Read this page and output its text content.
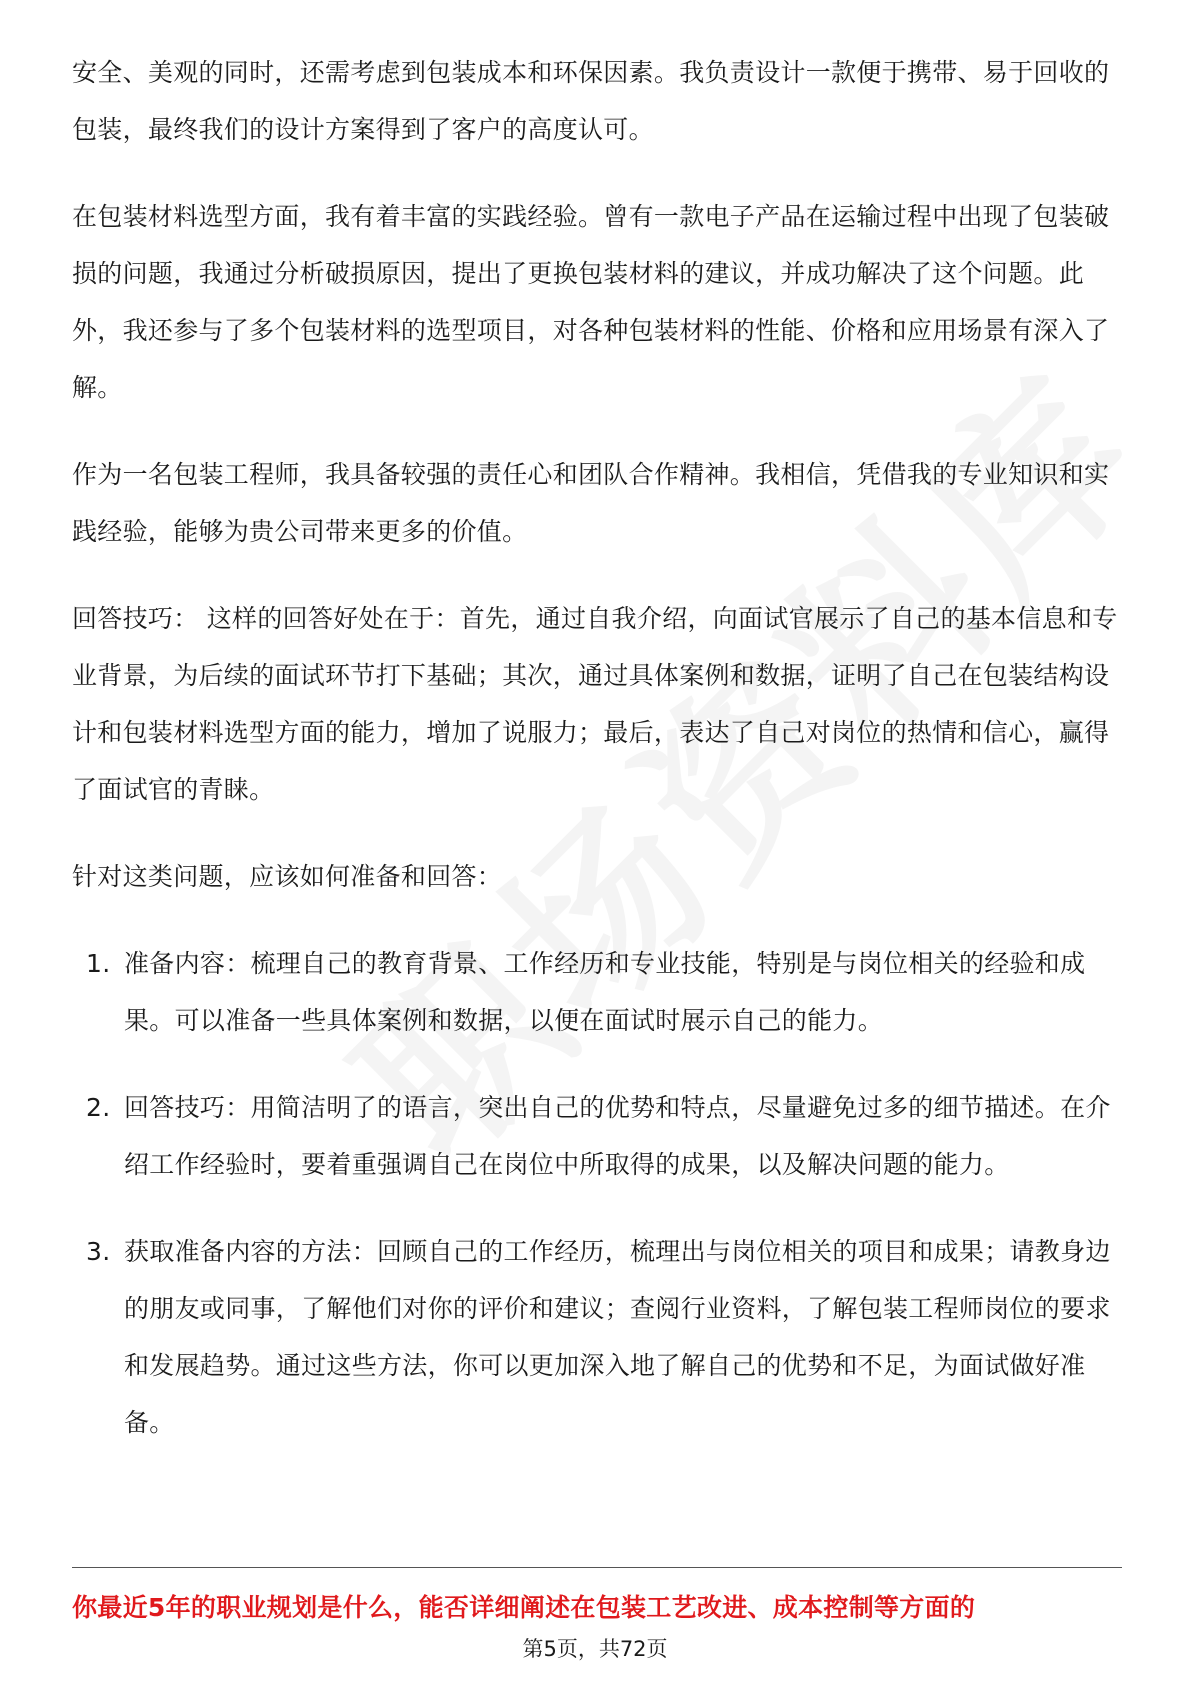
安全、美观的同时，还需考虑到包装成本和环保因素。我负责设计一款便于携带、易于回收的包装，最终我们的设计方案得到了客户的高度认可。

在包装材料选型方面，我有着丰富的实践经验。曾有一款电子产品在运输过程中出现了包装破损的问题，我通过分析破损原因，提出了更换包装材料的建议，并成功解决了这个问题。此外，我还参与了多个包装材料的选型项目，对各种包装材料的性能、价格和应用场景有深入了解。

作为一名包装工程师，我具备较强的责任心和团队合作精神。我相信，凭借我的专业知识和实践经验，能够为贵公司带来更多的价值。

回答技巧： 这样的回答好处在于：首先，通过自我介绍，向面试官展示了自己的基本信息和专业背景，为后续的面试环节打下基础；其次，通过具体案例和数据，证明了自己在包装结构设计和包装材料选型方面的能力，增加了说服力；最后，表达了自己对岗位的热情和信心，赢得了面试官的青睐。

针对这类问题，应该如何准备和回答：

1. 准备内容：梳理自己的教育背景、工作经历和专业技能，特别是与岗位相关的经验和成果。可以准备一些具体案例和数据，以便在面试时展示自己的能力。
2. 回答技巧：用简洁明了的语言，突出自己的优势和特点，尽量避免过多的细节描述。在介绍工作经验时，要着重强调自己在岗位中所取得的成果，以及解决问题的能力。
3. 获取准备内容的方法：回顾自己的工作经历，梳理出与岗位相关的项目和成果；请教身边的朋友或同事，了解他们对你的评价和建议；查阅行业资料，了解包装工程师岗位的要求和发展趋势。通过这些方法，你可以更加深入地了解自己的优势和不足，为面试做好准备。
你最近5年的职业规划是什么，能否详细阐述在包装工艺改进、成本控制等方面的
第5页，共72页
